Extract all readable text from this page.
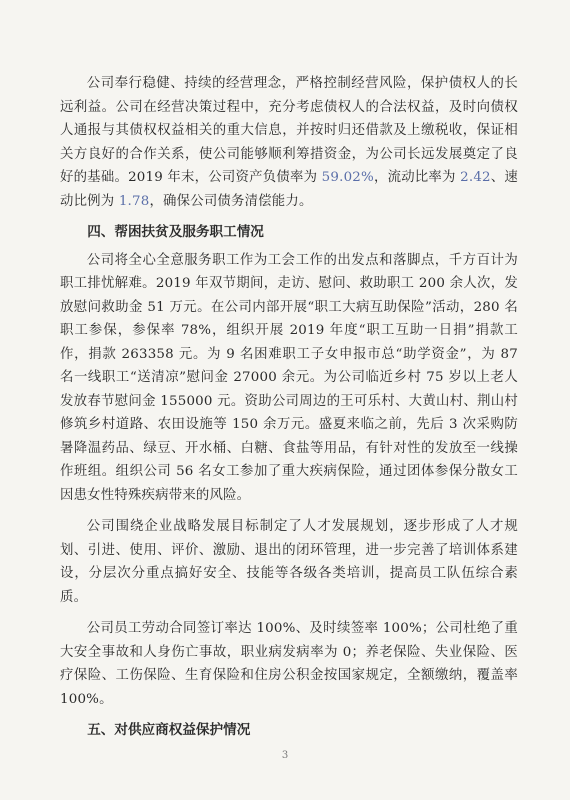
公司奉行稳健、持续的经营理念，严格控制经营风险，保护债权人的长远利益。公司在经营决策过程中，充分考虑债权人的合法权益，及时向债权人通报与其债权权益相关的重大信息，并按时归还借款及上缴税收，保证相关方良好的合作关系，使公司能够顺利筹措资金，为公司长远发展奠定了良好的基础。2019 年末，公司资产负债率为 59.02%，流动比率为 2.42、速动比例为 1.78，确保公司债务清偿能力。

四、帮困扶贫及服务职工情况

公司将全心全意服务职工作为工会工作的出发点和落脚点，千方百计为职工排忧解难。2019 年双节期间，走访、慰问、救助职工 200 余人次，发放慰问救助金 51 万元。在公司内部开展“职工大病互助保险”活动，280 名职工参保，参保率 78%，组织开展 2019 年度“职工互助一日捐”捐款工作，捐款 263358 元。为 9 名困难职工子女申报市总“助学资金”，为 87 名一线职工“送清凉”慰问金 27000 余元。为公司临近乡村 75 岁以上老人发放春节慰问金 155000 元。资助公司周边的王可乐村、大黄山村、荆山村修筑乡村道路、农田设施等 150 余万元。盛夏来临之前，先后 3 次采购防暑降温药品、绿豆、开水桶、白糖、食盐等用品，有针对性的发放至一线操作班组。组织公司 56 名女工参加了重大疾病保险，通过团体参保分散女工因患女性特殊疾病带来的风险。

公司围绕企业战略发展目标制定了人才发展规划，逐步形成了人才规划、引进、使用、评价、激励、退出的闭环管理，进一步完善了培训体系建设，分层次分重点搞好安全、技能等各级各类培训，提高员工队伍综合素质。

公司员工劳动合同签订率达 100%、及时续签率 100%；公司杜绝了重大安全事故和人身伤亡事故，职业病发病率为 0；养老保险、失业保险、医疗保险、工伤保险、生育保险和住房公积金按国家规定，全额缴纳，覆盖率 100%。

五、对供应商权益保护情况

3
